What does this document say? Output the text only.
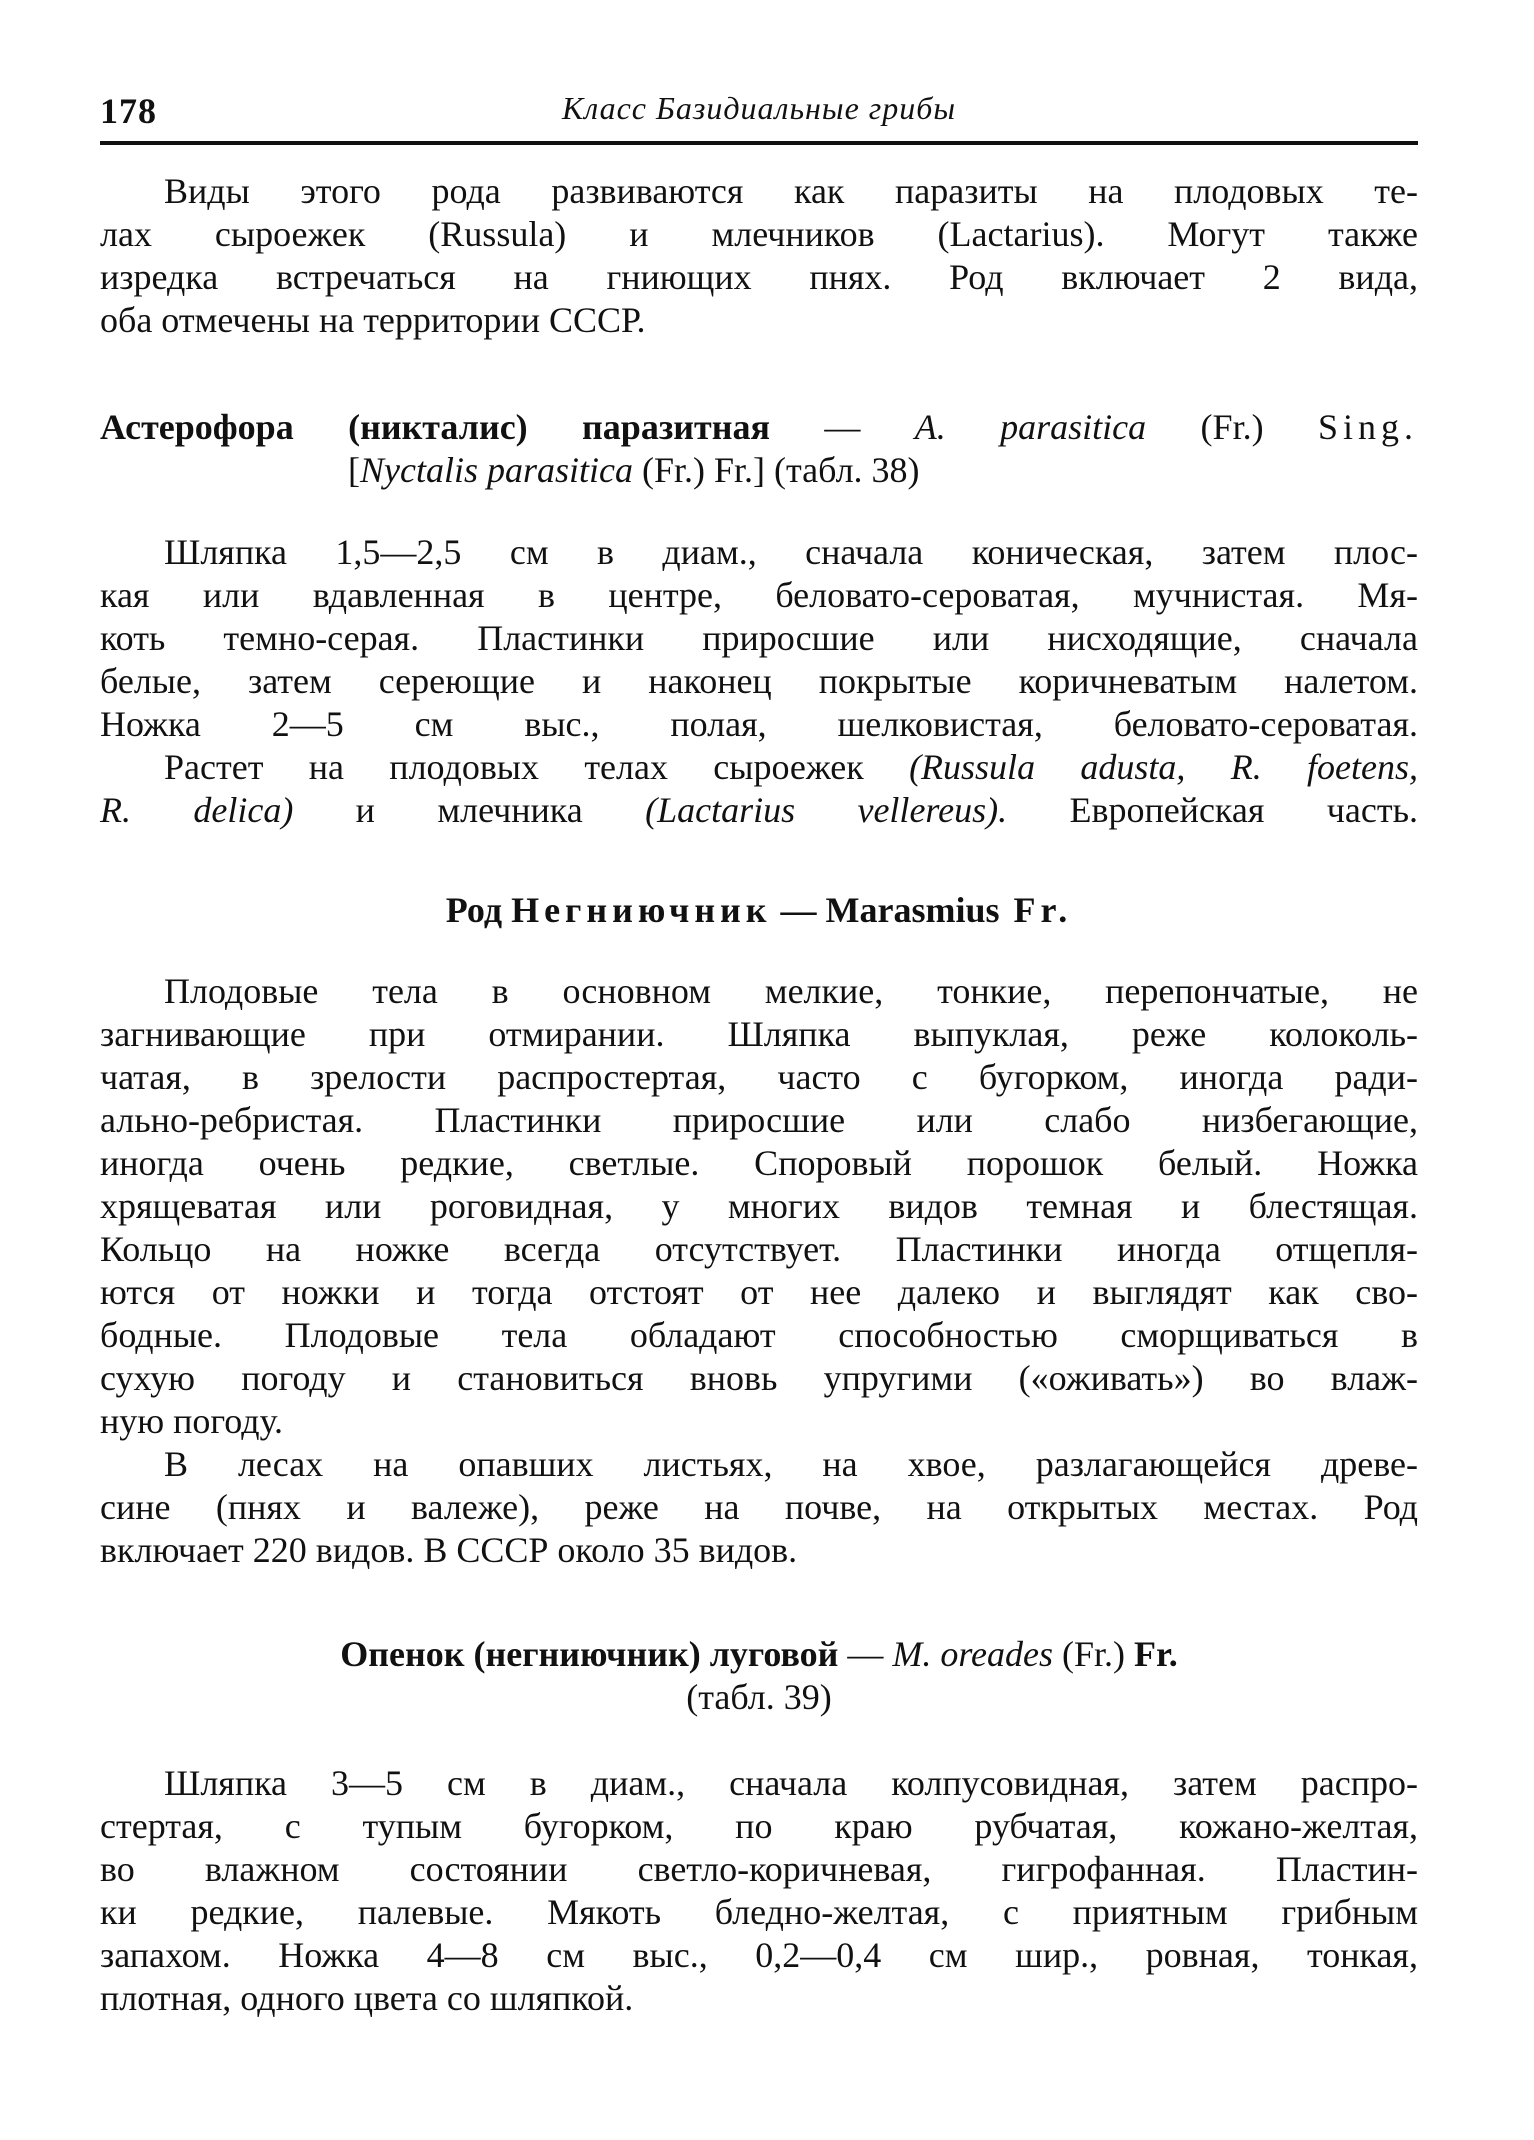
178	Класс Базидиальные грибы
Виды этого рода развиваются как паразиты на плодовых те-
лах сыроежек (Russula) и млечников (Lactarius). Могут также
изредка встречаться на гниющих пнях. Род включает 2 вида,
оба отмечены на территории СССР.
Астерофора (никталис) паразитная — A. parasitica (Fr.) Sing.
[Nyctalis parasitica (Fr.) Fr.] (табл. 38)
Шляпка 1,5—2,5 см в диам., сначала коническая, затем плос-
кая или вдавленная в центре, беловато-сероватая, мучнистая. Мя-
коть темно-серая. Пластинки приросшие или нисходящие, сначала
белые, затем сереющие и наконец покрытые коричневатым налетом.
Ножка 2—5 см выс., полая, шелковистая, беловато-сероватая.
Растет на плодовых телах сыроежек (Russula adusta, R. foetens,
R. delica) и млечника (Lactarius vellereus). Европейская часть.
Род Негниючник — Marasmius Fr.
Плодовые тела в основном мелкие, тонкие, перепончатые, не
загнивающие при отмирании. Шляпка выпуклая, реже колоколь-
чатая, в зрелости распростертая, часто с бугорком, иногда ради-
ально-ребристая. Пластинки приросшие или слабо низбегающие,
иногда очень редкие, светлые. Споровый порошок белый. Ножка
хрящеватая или роговидная, у многих видов темная и блестящая.
Кольцо на ножке всегда отсутствует. Пластинки иногда отщепля-
ются от ножки и тогда отстоят от нее далеко и выглядят как сво-
бодные. Плодовые тела обладают способностью сморщиваться в
сухую погоду и становиться вновь упругими («оживать») во влаж-
ную погоду.
В лесах на опавших листьях, на хвое, разлагающейся древе-
сине (пнях и валеже), реже на почве, на открытых местах. Род
включает 220 видов. В СССР около 35 видов.
Опенок (негниючник) луговой — M. oreades (Fr.) Fr.
(табл. 39)
Шляпка 3—5 см в диам., сначала колпусовидная, затем распро-
стертая, с тупым бугорком, по краю рубчатая, кожано-желтая,
во влажном состоянии светло-коричневая, гигрофанная. Пластин-
ки редкие, палевые. Мякоть бледно-желтая, с приятным грибным
запахом. Ножка 4—8 см выс., 0,2—0,4 см шир., ровная, тонкая,
плотная, одного цвета со шляпкой.
